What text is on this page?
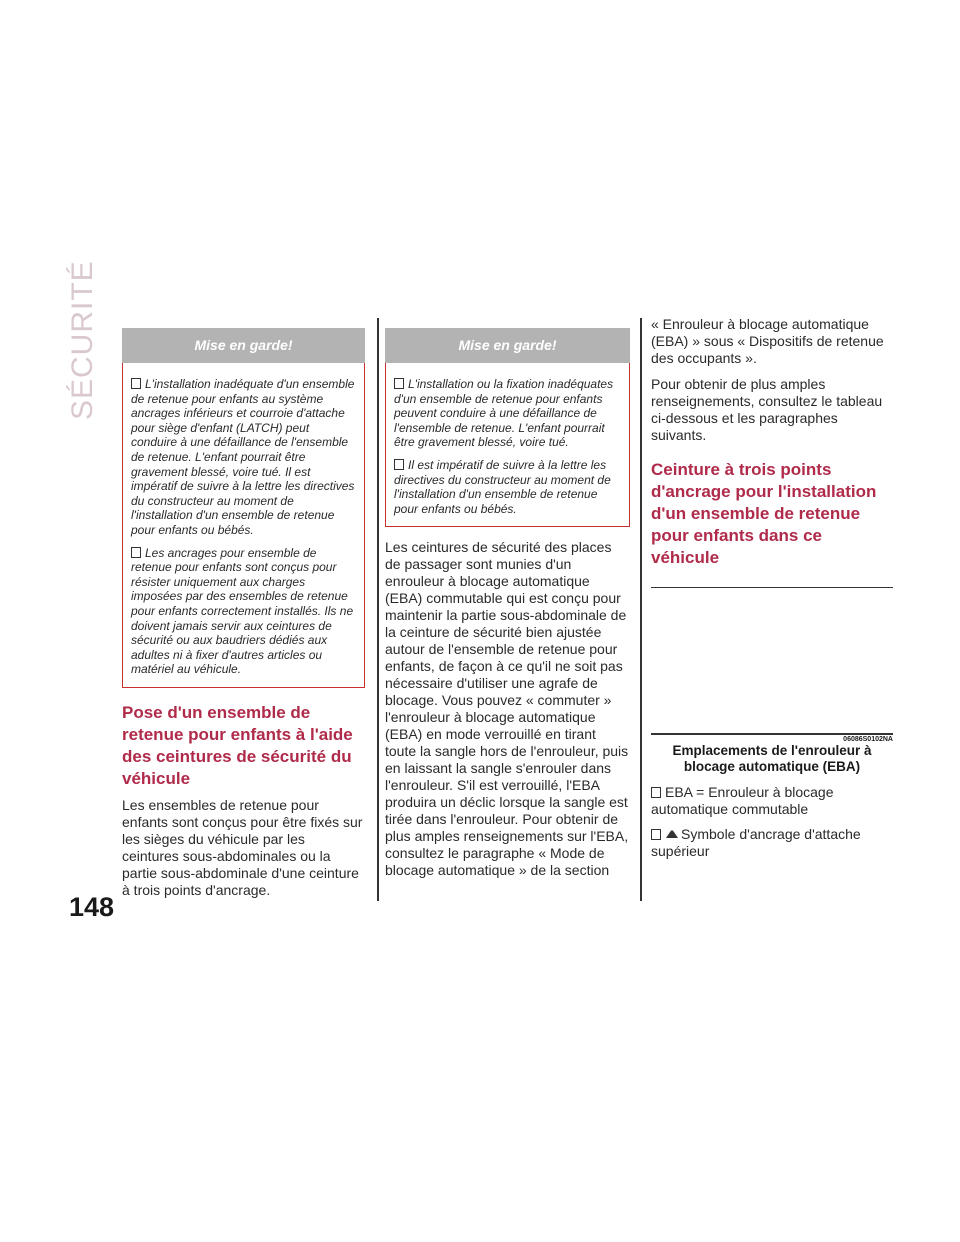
SÉCURITÉ
148
Mise en garde!

L'installation inadéquate d'un ensemble de retenue pour enfants au système ancrages inférieurs et courroie d'attache pour siège d'enfant (LATCH) peut conduire à une défaillance de l'ensemble de retenue. L'enfant pourrait être gravement blessé, voire tué. Il est impératif de suivre à la lettre les directives du constructeur au moment de l'installation d'un ensemble de retenue pour enfants ou bébés.

Les ancrages pour ensemble de retenue pour enfants sont conçus pour résister uniquement aux charges imposées par des ensembles de retenue pour enfants correctement installés. Ils ne doivent jamais servir aux ceintures de sécurité ou aux baudriers dédiés aux adultes ni à fixer d'autres articles ou matériel au véhicule.

Pose d'un ensemble de retenue pour enfants à l'aide des ceintures de sécurité du véhicule

Les ensembles de retenue pour enfants sont conçus pour être fixés sur les sièges du véhicule par les ceintures sous-abdominales ou la partie sous-abdominale d'une ceinture à trois points d'ancrage.

Mise en garde!

L'installation ou la fixation inadéquates d'un ensemble de retenue pour enfants peuvent conduire à une défaillance de l'ensemble de retenue. L'enfant pourrait être gravement blessé, voire tué.

Il est impératif de suivre à la lettre les directives du constructeur au moment de l'installation d'un ensemble de retenue pour enfants ou bébés.

Les ceintures de sécurité des places de passager sont munies d'un enrouleur à blocage automatique (EBA) commutable qui est conçu pour maintenir la partie sous-abdominale de la ceinture de sécurité bien ajustée autour de l'ensemble de retenue pour enfants, de façon à ce qu'il ne soit pas nécessaire d'utiliser une agrafe de blocage. Vous pouvez « commuter » l'enrouleur à blocage automatique (EBA) en mode verrouillé en tirant toute la sangle hors de l'enrouleur, puis en laissant la sangle s'enrouler dans l'enrouleur. S'il est verrouillé, l'EBA produira un déclic lorsque la sangle est tirée dans l'enrouleur. Pour obtenir de plus amples renseignements sur l'EBA, consultez le paragraphe « Mode de blocage automatique » de la section

« Enrouleur à blocage automatique (EBA) » sous « Dispositifs de retenue des occupants ».

Pour obtenir de plus amples renseignements, consultez le tableau ci-dessous et les paragraphes suivants.

Ceinture à trois points d'ancrage pour l'installation d'un ensemble de retenue pour enfants dans ce véhicule
06086S0102NA

Emplacements de l'enrouleur à blocage automatique (EBA)

EBA = Enrouleur à blocage automatique commutable

Symbole d'ancrage d'attache supérieur
